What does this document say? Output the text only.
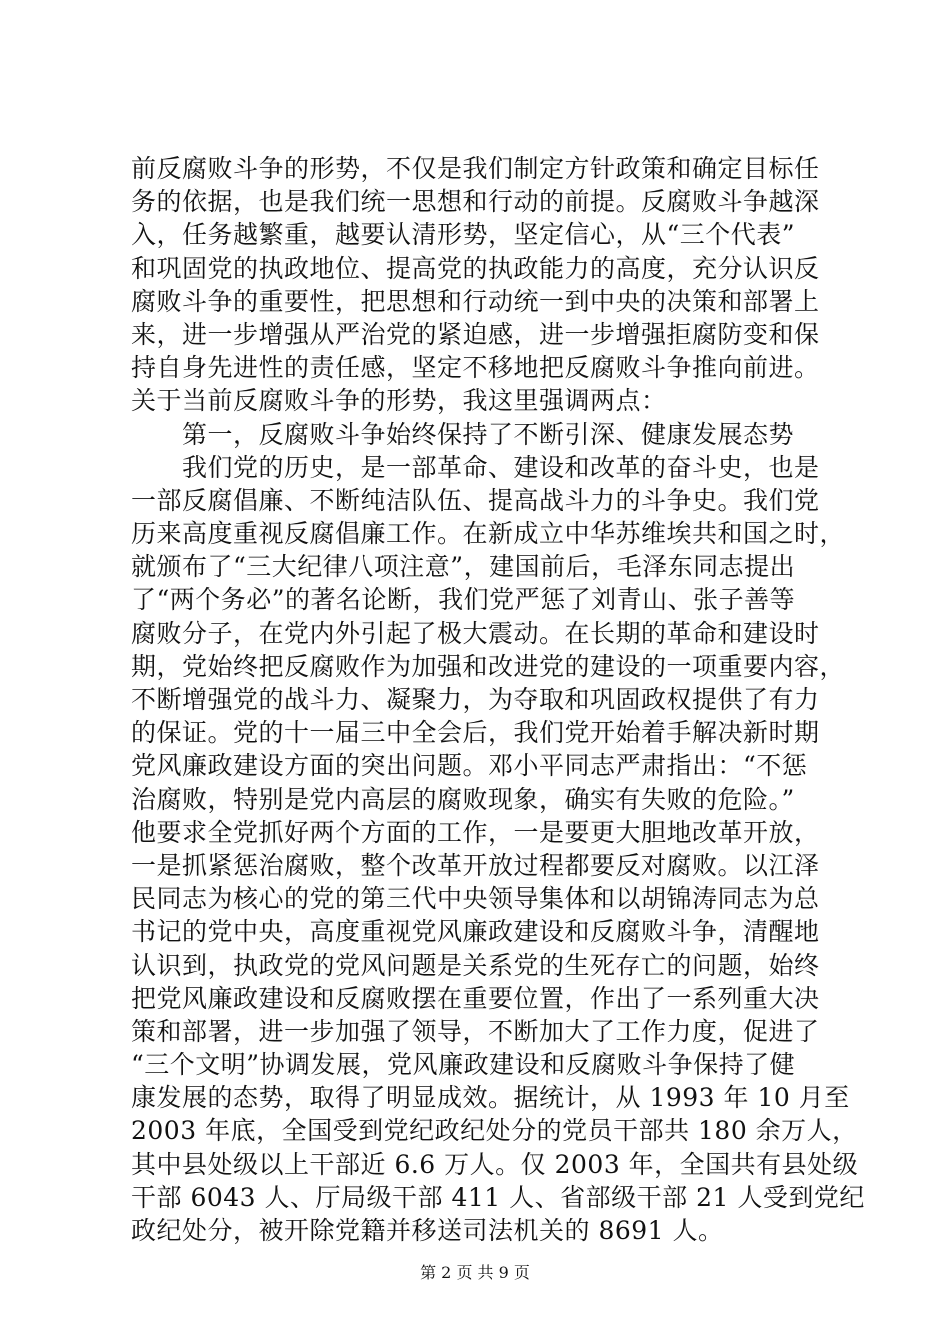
前反腐败斗争的形势，不仅是我们制定方针政策和确定目标任
务的依据，也是我们统一思想和行动的前提。反腐败斗争越深
入，任务越繁重，越要认清形势，坚定信心，从“三个代表”
和巩固党的执政地位、提高党的执政能力的高度，充分认识反
腐败斗争的重要性，把思想和行动统一到中央的决策和部署上
来，进一步增强从严治党的紧迫感，进一步增强拒腐防变和保
持自身先进性的责任感，坚定不移地把反腐败斗争推向前进。
关于当前反腐败斗争的形势，我这里强调两点：
　　第一，反腐败斗争始终保持了不断引深、健康发展态势
　　我们党的历史，是一部革命、建设和改革的奋斗史，也是
一部反腐倡廉、不断纯洁队伍、提高战斗力的斗争史。我们党
历来高度重视反腐倡廉工作。在新成立中华苏维埃共和国之时，
就颁布了“三大纪律八项注意”，建国前后，毛泽东同志提出
了“两个务必”的著名论断，我们党严惩了刘青山、张子善等
腐败分子，在党内外引起了极大震动。在长期的革命和建设时
期，党始终把反腐败作为加强和改进党的建设的一项重要内容，
不断增强党的战斗力、凝聚力，为夺取和巩固政权提供了有力
的保证。党的十一届三中全会后，我们党开始着手解决新时期
党风廉政建设方面的突出问题。邓小平同志严肃指出：“不惩
治腐败，特别是党内高层的腐败现象，确实有失败的危险。”
他要求全党抓好两个方面的工作，一是要更大胆地改革开放，
一是抓紧惩治腐败，整个改革开放过程都要反对腐败。以江泽
民同志为核心的党的第三代中央领导集体和以胡锦涛同志为总
书记的党中央，高度重视党风廉政建设和反腐败斗争，清醒地
认识到，执政党的党风问题是关系党的生死存亡的问题，始终
把党风廉政建设和反腐败摆在重要位置，作出了一系列重大决
策和部署，进一步加强了领导，不断加大了工作力度，促进了
“三个文明”协调发展，党风廉政建设和反腐败斗争保持了健
康发展的态势，取得了明显成效。据统计，从 1993 年 10 月至
2003 年底，全国受到党纪政纪处分的党员干部共 180 余万人，
其中县处级以上干部近 6.6 万人。仅 2003 年，全国共有县处级
干部 6043 人、厅局级干部 411 人、省部级干部 21 人受到党纪
政纪处分，被开除党籍并移送司法机关的 8691 人。
第 2 页 共 9 页
